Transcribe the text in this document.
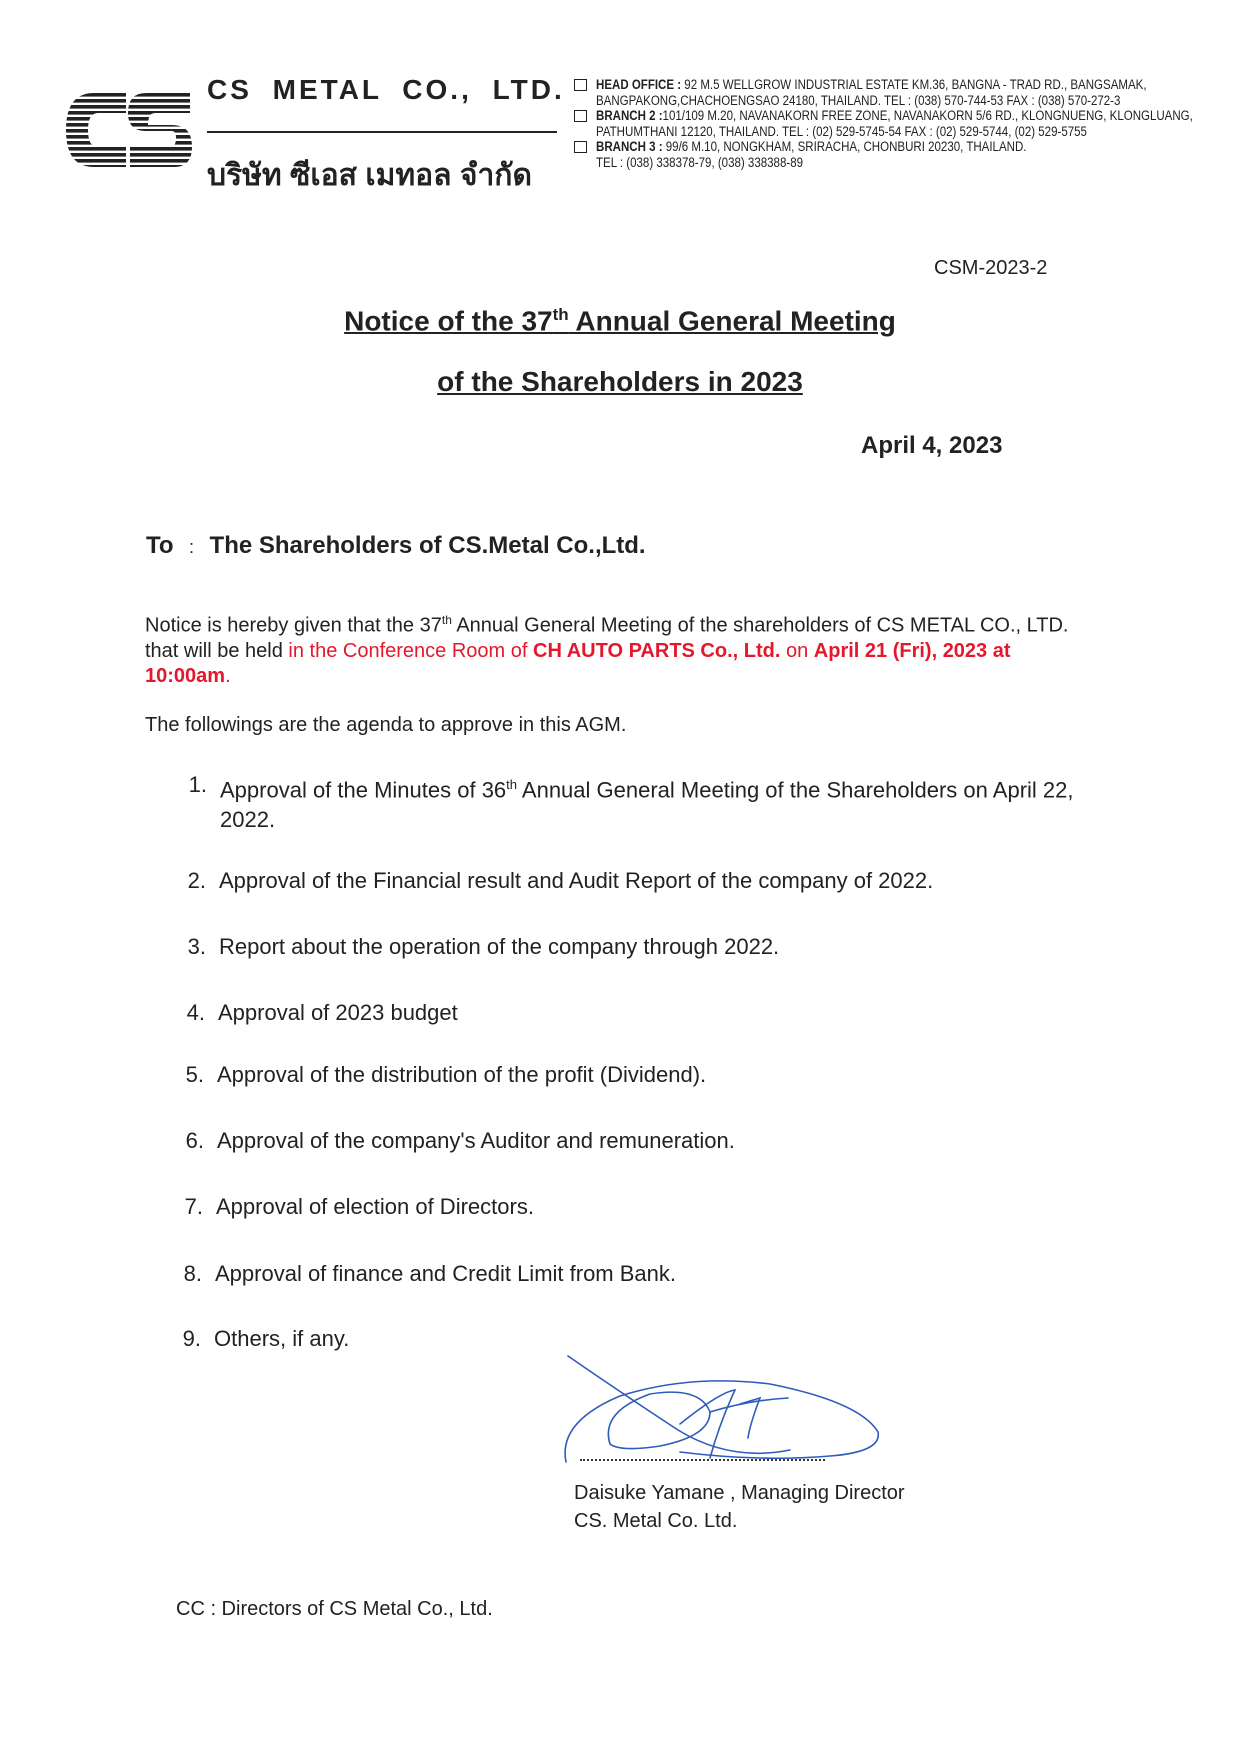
CS METAL CO., LTD.
บริษัท ซีเอส เมทอล จำกัด
HEAD OFFICE : 92 M.5 WELLGROW INDUSTRIAL ESTATE KM.36, BANGNA - TRAD RD., BANGSAMAK,
BANGPAKONG,CHACHOENGSAO 24180, THAILAND. TEL : (038) 570-744-53 FAX : (038) 570-272-3
BRANCH 2 :101/109 M.20, NAVANAKORN FREE ZONE, NAVANAKORN 5/6 RD., KLONGNUENG, KLONGLUANG,
PATHUMTHANI 12120, THAILAND. TEL : (02) 529-5745-54 FAX : (02) 529-5744, (02) 529-5755
BRANCH 3 : 99/6 M.10, NONGKHAM, SRIRACHA, CHONBURI 20230, THAILAND.
TEL : (038) 338378-79, (038) 338388-89
CSM-2023-2
Notice of the 37th Annual General Meeting
of the Shareholders in 2023
April 4, 2023
To : The Shareholders of CS.Metal Co.,Ltd.
Notice is hereby given that the 37th Annual General Meeting of the shareholders of CS METAL CO., LTD. that will be held in the Conference Room of CH AUTO PARTS Co., Ltd. on April 21 (Fri), 2023 at 10:00am.
The followings are the agenda to approve in this AGM.
1. Approval of the Minutes of 36th Annual General Meeting of the Shareholders on April 22, 2022.
2. Approval of the Financial result and Audit Report of the company of 2022.
3. Report about the operation of the company through 2022.
4. Approval of 2023 budget
5. Approval of the distribution of the profit (Dividend).
6. Approval of the company's Auditor and remuneration.
7. Approval of election of Directors.
8. Approval of finance and Credit Limit from Bank.
9. Others, if any.
Daisuke Yamane , Managing Director
CS. Metal Co. Ltd.
CC : Directors of CS Metal Co., Ltd.
